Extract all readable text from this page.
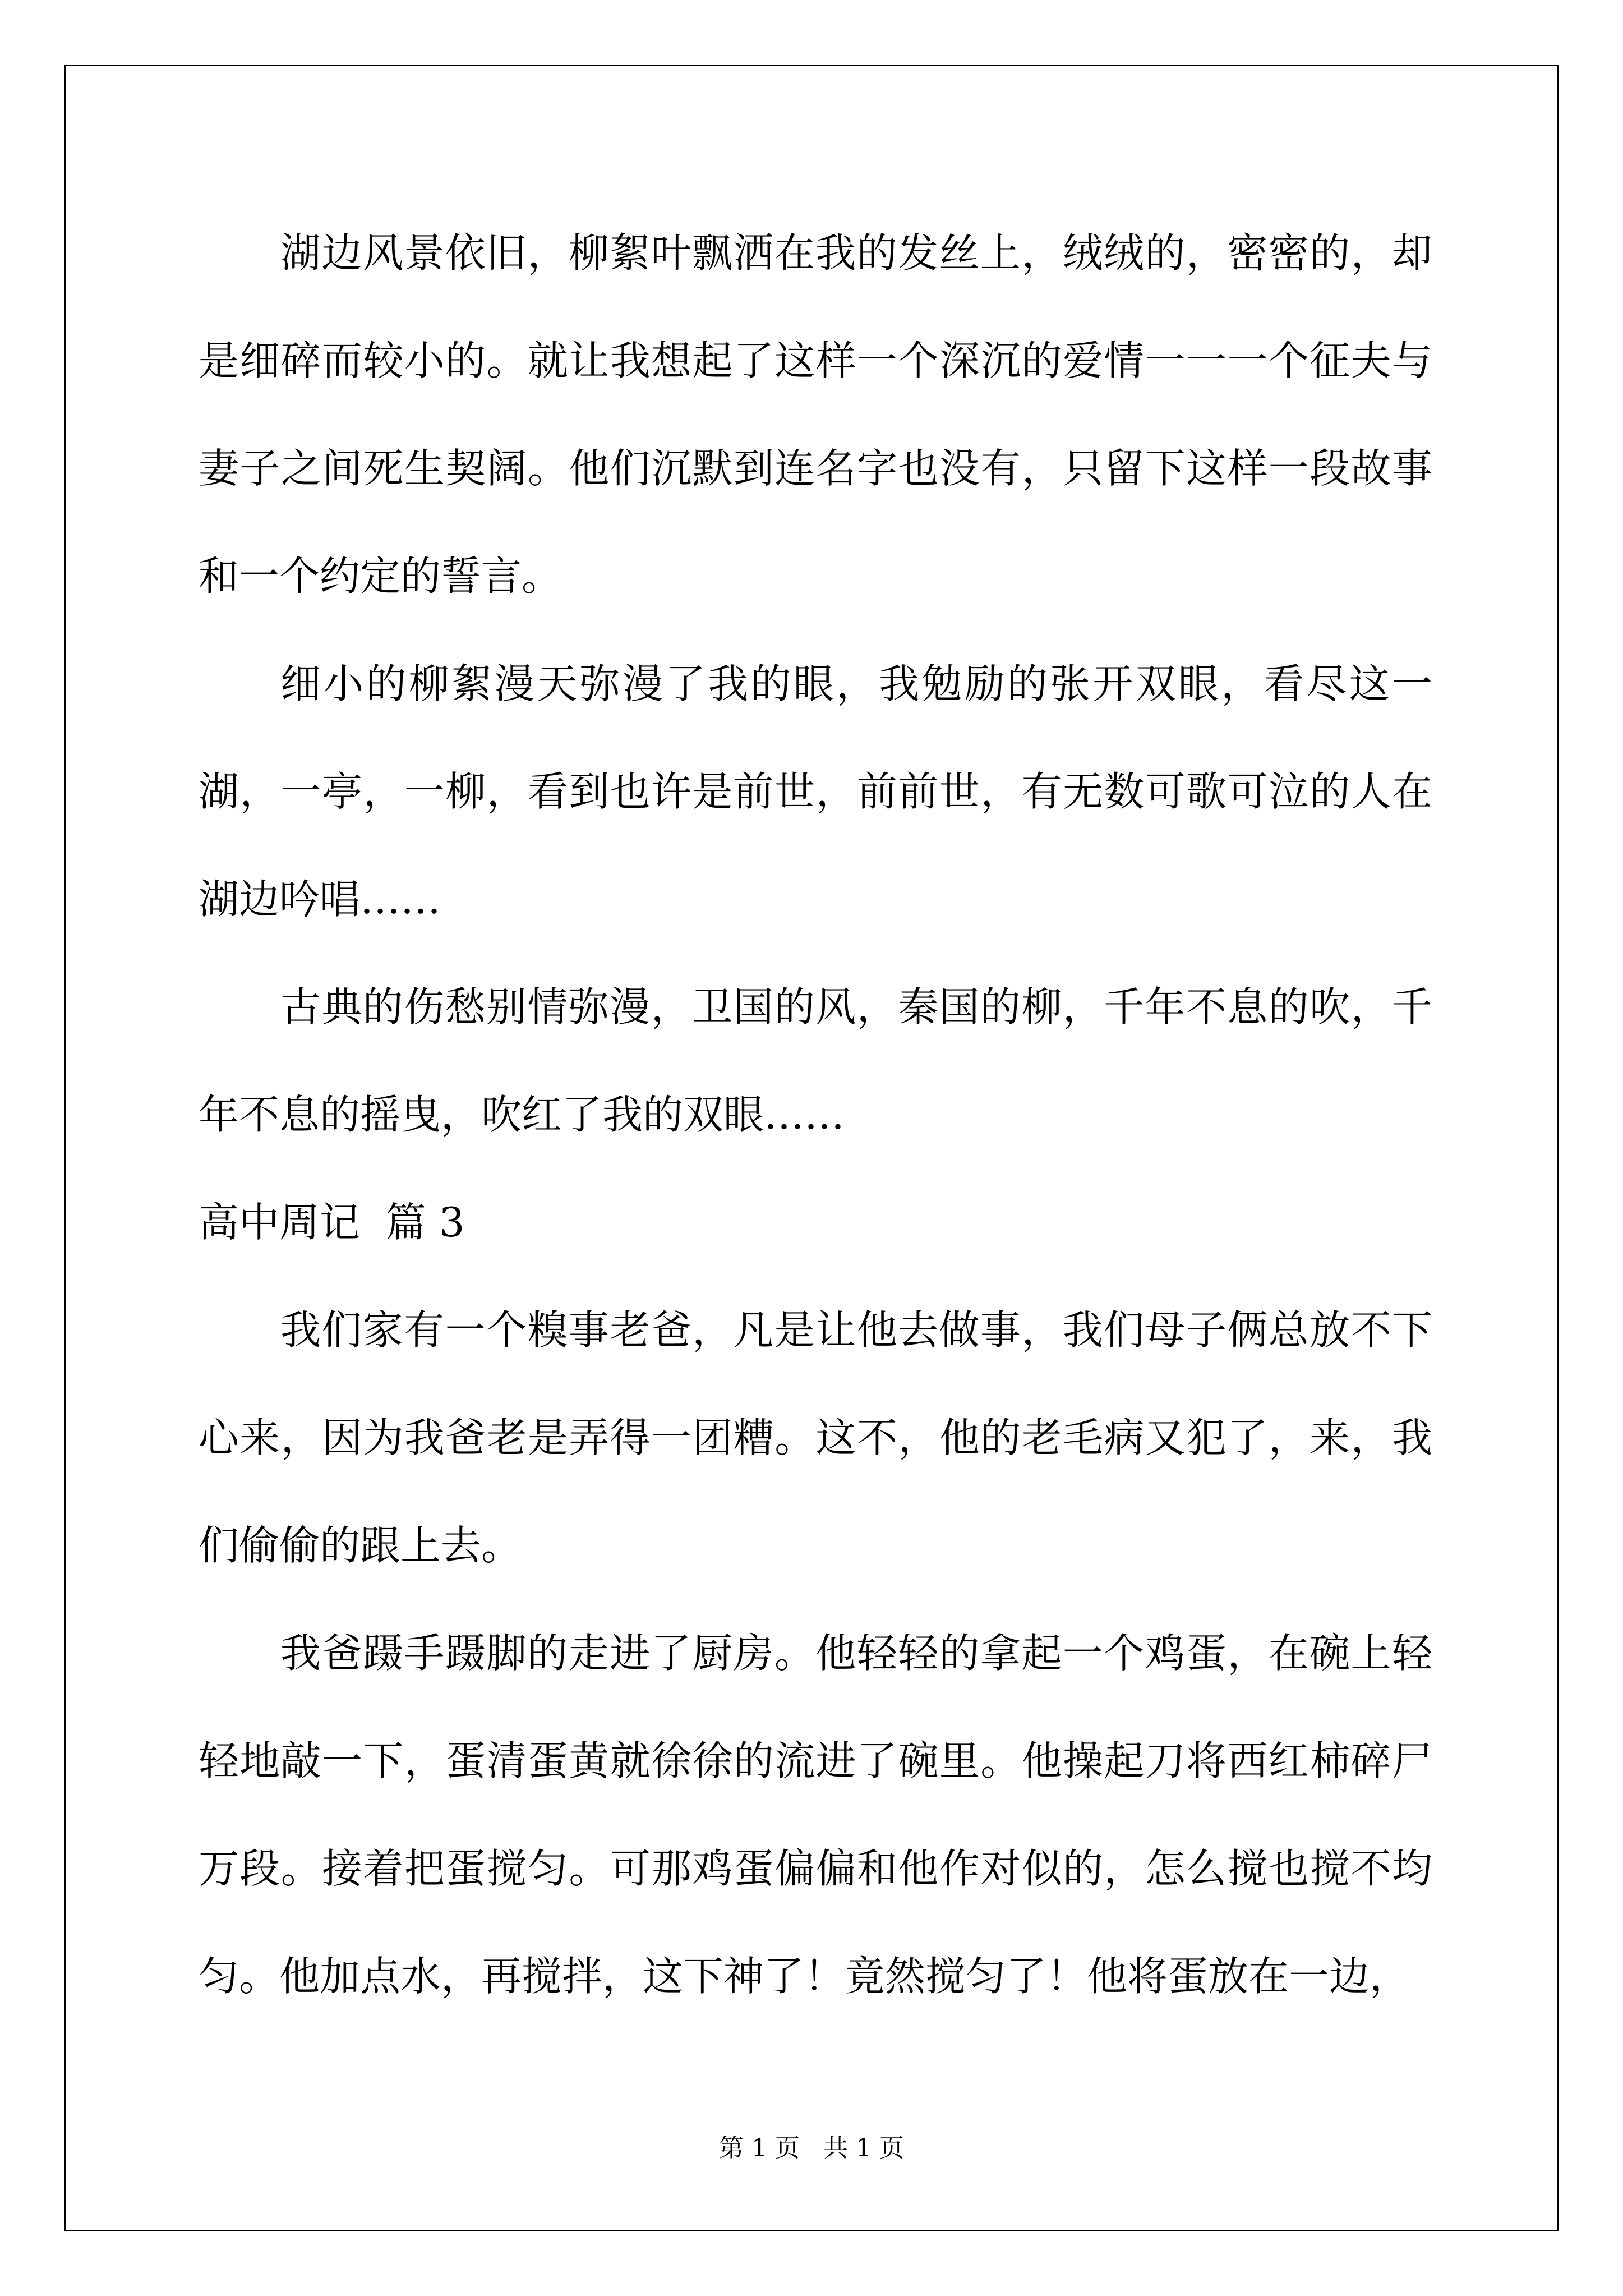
湖边风景依旧，柳絮叶飘洒在我的发丝上，绒绒的，密密的，却是细碎而较小的。就让我想起了这样一个深沉的爱情一一一个征夫与妻子之间死生契阔。他们沉默到连名字也没有，只留下这样一段故事和一个约定的誓言。

细小的柳絮漫天弥漫了我的眼，我勉励的张开双眼，看尽这一湖，一亭，一柳，看到也许是前世，前前世，有无数可歌可泣的人在湖边吟唱……

古典的伤愁别情弥漫，卫国的风，秦国的柳，千年不息的吹，千年不息的摇曳，吹红了我的双眼……

高中周记  篇 3

我们家有一个糗事老爸，凡是让他去做事，我们母子俩总放不下心来，因为我爸老是弄得一团糟。这不，他的老毛病又犯了，来，我们偷偷的跟上去。

我爸蹑手蹑脚的走进了厨房。他轻轻的拿起一个鸡蛋，在碗上轻轻地敲一下，蛋清蛋黄就徐徐的流进了碗里。他操起刀将西红柿碎尸万段。接着把蛋搅匀。可那鸡蛋偏偏和他作对似的，怎么搅也搅不均匀。他加点水，再搅拌，这下神了！竟然搅匀了！他将蛋放在一边，

第 1 页 共 1 页
